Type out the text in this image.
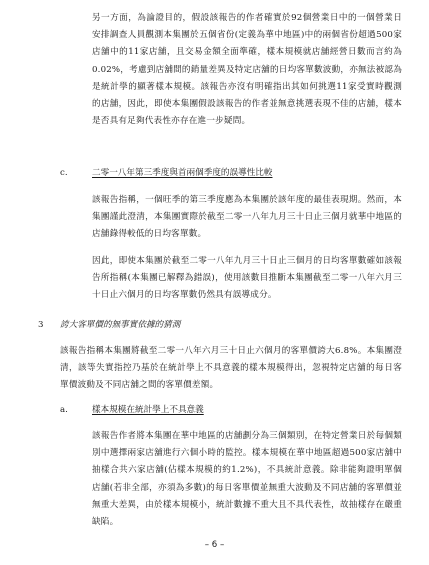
另一方面，為論證目的，假設該報告的作者確實於92個營業日中的一個營業日安排調查人員觀測本集團於五個省份(定義為華中地區)中的兩個省份超過500家店舖中的11家店舖，且交易金額全面準確，樣本規模就店舖經營日數而言約為0.02%，考慮到店舖間的銷量差異及特定店舖的日均客單數波動，亦無法被認為是統計學的顯著樣本規模。該報告亦沒有明確指出其如何挑選11家受實時觀測的店舖，因此，即使本集團假設該報告的作者並無意挑選表現不佳的店舖，樣本是否具有足夠代表性亦存在進一步疑問。
c.	二零一八年第三季度與首兩個季度的誤導性比較
該報告指稱，一個旺季的第三季度應為本集團於該年度的最佳表現期。然而，本集團謹此澄清，本集團實際於截至二零一八年九月三十日止三個月就華中地區的店舖錄得較低的日均客單數。
因此，即使本集團於截至二零一八年九月三十日止三個月的日均客單數確如該報告所指稱(本集團已解釋為錯誤)，使用該數目推斷本集團截至二零一八年六月三十日止六個月的日均客單數仍然具有誤導成分。
3 誇大客單價的無事實依據的猜測
該報告指稱本集團將截至二零一八年六月三十日止六個月的客單價誇大6.8%。本集團澄清，該等失實指控乃基於在統計學上不具意義的樣本規模得出，忽視特定店舖的每日客單價波動及不同店舖之間的客單價差額。
a.	樣本規模在統計學上不具意義
該報告作者將本集團在華中地區的店舖劃分為三個類別，在特定營業日於每個類別中選擇兩家店舖進行六個小時的監控。樣本規模在華中地區超過500家店舖中抽樣合共六家店舖(佔樣本規模的約1.2%)，不具統計意義。除非能夠證明單個店舖(若非全部，亦須為多數)的每日客單價並無重大波動及不同店舖的客單價並無重大差異，由於樣本規模小，統計數據不重大且不具代表性，故抽樣存在嚴重缺陷。
– 6 –
